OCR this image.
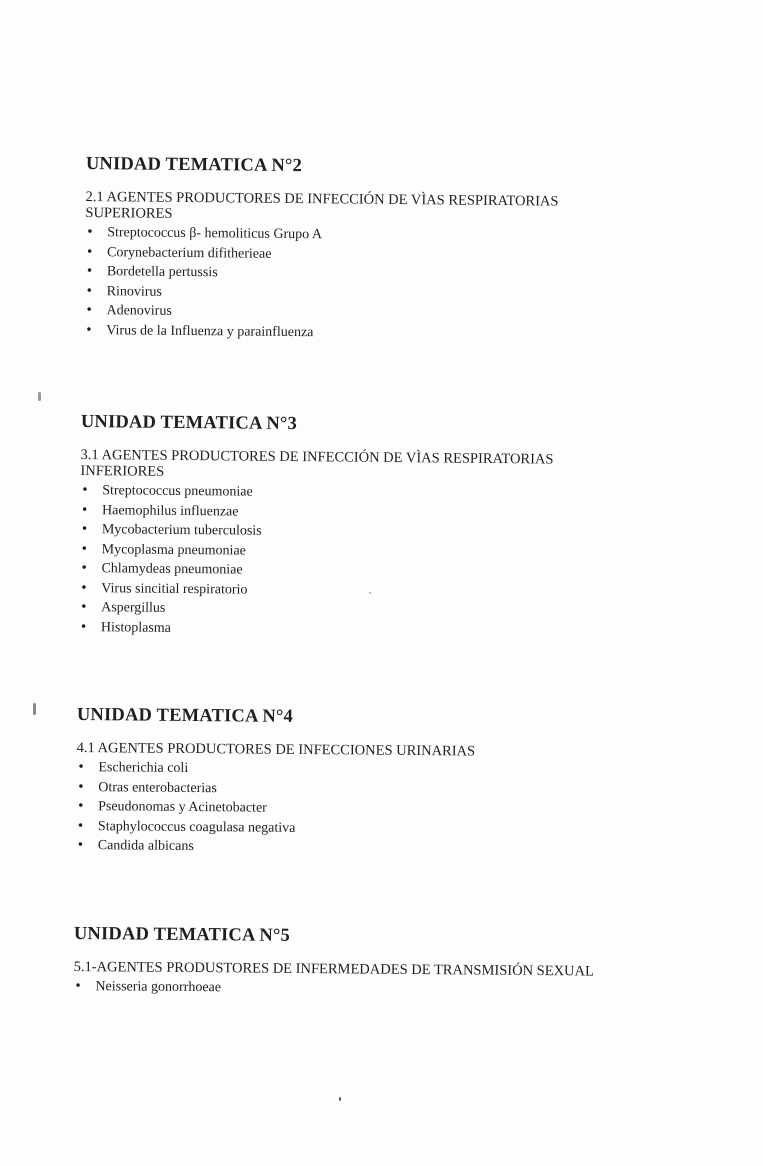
UNIDAD TEMATICA N°2
2.1 AGENTES PRODUCTORES DE INFECCIÓN DE VÌAS RESPIRATORIAS
SUPERIORES
• Streptococcus β- hemoliticus Grupo A
• Corynebacterium difitherieae
• Bordetella pertussis
• Rinovirus
• Adenovirus
• Virus de la Influenza y parainfluenza
UNIDAD TEMATICA N°3
3.1 AGENTES PRODUCTORES DE INFECCIÓN DE VÌAS RESPIRATORIAS
INFERIORES
• Streptococcus pneumoniae
• Haemophilus influenzae
• Mycobacterium tuberculosis
• Mycoplasma pneumoniae
• Chlamydeas pneumoniae
• Virus sincitial respiratorio
• Aspergillus
• Histoplasma
UNIDAD TEMATICA N°4
4.1 AGENTES PRODUCTORES DE INFECCIONES URINARIAS
• Escherichia coli
• Otras enterobacterias
• Pseudonomas y Acinetobacter
• Staphylococcus coagulasa negativa
• Candida albicans
UNIDAD TEMATICA N°5
5.1-AGENTES PRODUSTORES DE INFERMEDADES DE TRANSMISIÓN SEXUAL
• Neisseria gonorrhoeae
